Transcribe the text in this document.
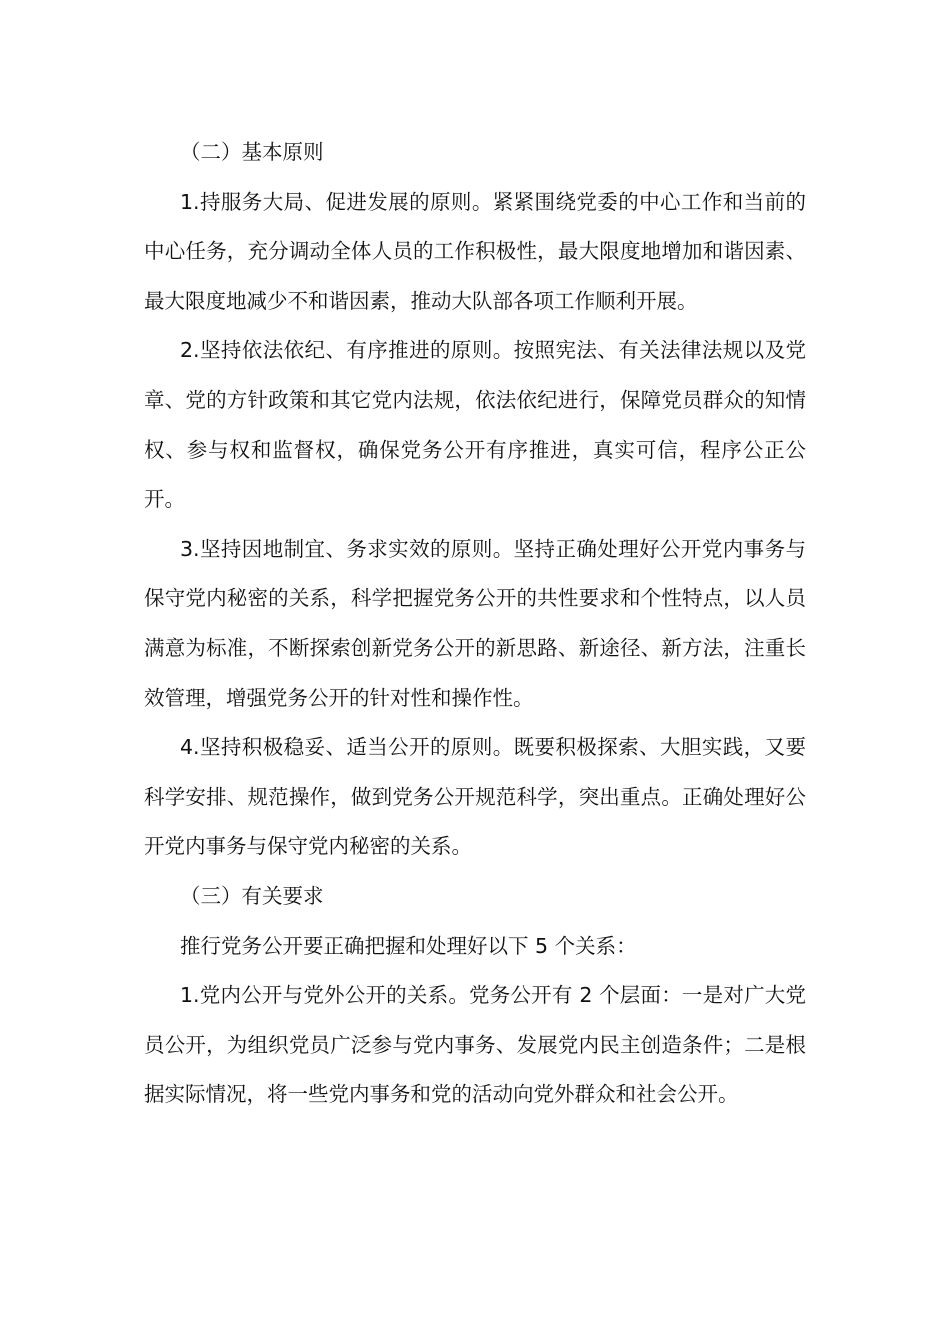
（二）基本原则

1.持服务大局、促进发展的原则。紧紧围绕党委的中心工作和当前的中心任务，充分调动全体人员的工作积极性，最大限度地增加和谐因素、最大限度地减少不和谐因素，推动大队部各项工作顺利开展。

2.坚持依法依纪、有序推进的原则。按照宪法、有关法律法规以及党章、党的方针政策和其它党内法规，依法依纪进行，保障党员群众的知情权、参与权和监督权，确保党务公开有序推进，真实可信，程序公正公开。

3.坚持因地制宜、务求实效的原则。坚持正确处理好公开党内事务与保守党内秘密的关系，科学把握党务公开的共性要求和个性特点，以人员满意为标准，不断探索创新党务公开的新思路、新途径、新方法，注重长效管理，增强党务公开的针对性和操作性。

4.坚持积极稳妥、适当公开的原则。既要积极探索、大胆实践，又要科学安排、规范操作，做到党务公开规范科学，突出重点。正确处理好公开党内事务与保守党内秘密的关系。

（三）有关要求

推行党务公开要正确把握和处理好以下 5 个关系：

1.党内公开与党外公开的关系。党务公开有 2 个层面：一是对广大党员公开，为组织党员广泛参与党内事务、发展党内民主创造条件；二是根据实际情况，将一些党内事务和党的活动向党外群众和社会公开。
